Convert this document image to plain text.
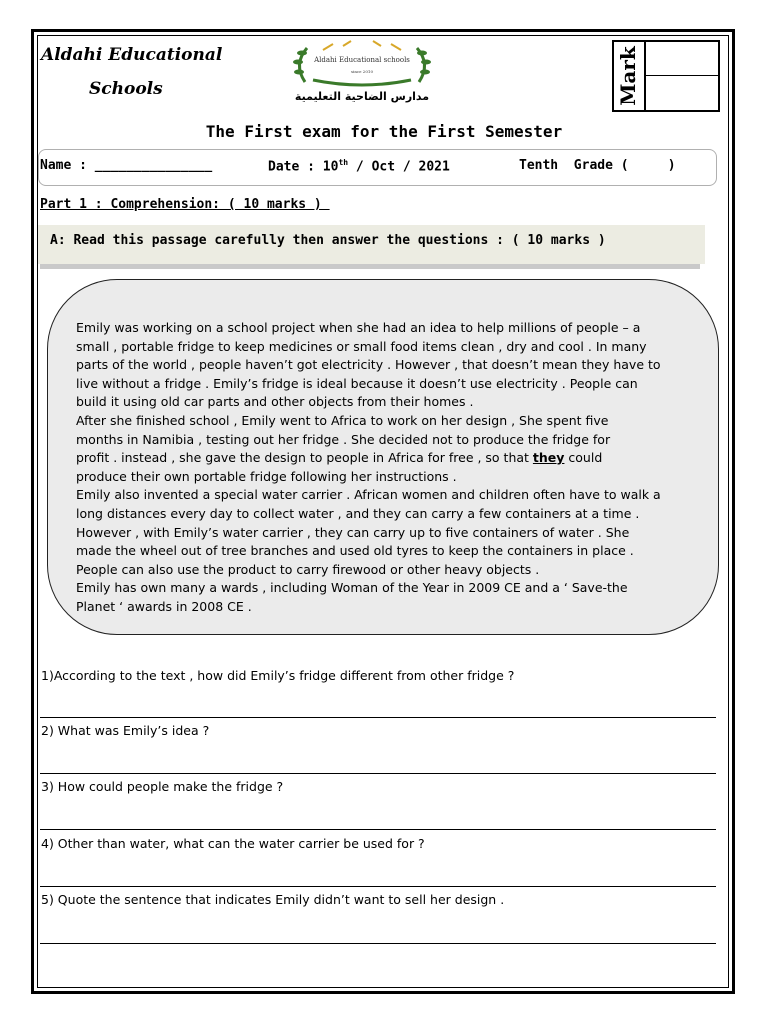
Aldahi Educational
Schools
Aldahi Educational schools
since 2010
مدارس الضاحية التعليمية	Mark
The First exam for the First Semester
Name : _______________	Date : 10th / Oct / 2021	Tenth  Grade (     )
Part 1 : Comprehension: ( 10 marks )
A: Read this passage carefully then answer the questions : ( 10 marks )
Emily was working on a school project when she had an idea to help millions of people – a
small , portable fridge to keep medicines or small food items clean , dry and cool . In many
parts of the world , people haven’t got electricity . However , that doesn’t mean they have to
live without a fridge . Emily’s fridge is ideal because it doesn’t use electricity . People can
build it using old car parts and other objects from their homes .
After she finished school , Emily went to Africa to work on her design , She spent five
months in Namibia , testing out her fridge . She decided not to produce the fridge for
profit . instead , she gave the design to people in Africa for free , so that they could
produce their own portable fridge following her instructions .
Emily also invented a special water carrier . African women and children often have to walk a
long distances every day to collect water , and they can carry a few containers at a time .
However , with Emily’s water carrier , they can carry up to five containers of water . She
made the wheel out of tree branches and used old tyres to keep the containers in place .
People can also use the product to carry firewood or other heavy objects .
Emily has own many a wards , including Woman of the Year in 2009 CE and a ‘ Save-the
Planet ‘ awards in 2008 CE .
1)According to the text , how did Emily’s fridge different from other fridge ?
2) What was Emily’s idea ?
3) How could people make the fridge ?
4) Other than water, what can the water carrier be used for ?
5) Quote the sentence that indicates Emily didn’t want to sell her design .
